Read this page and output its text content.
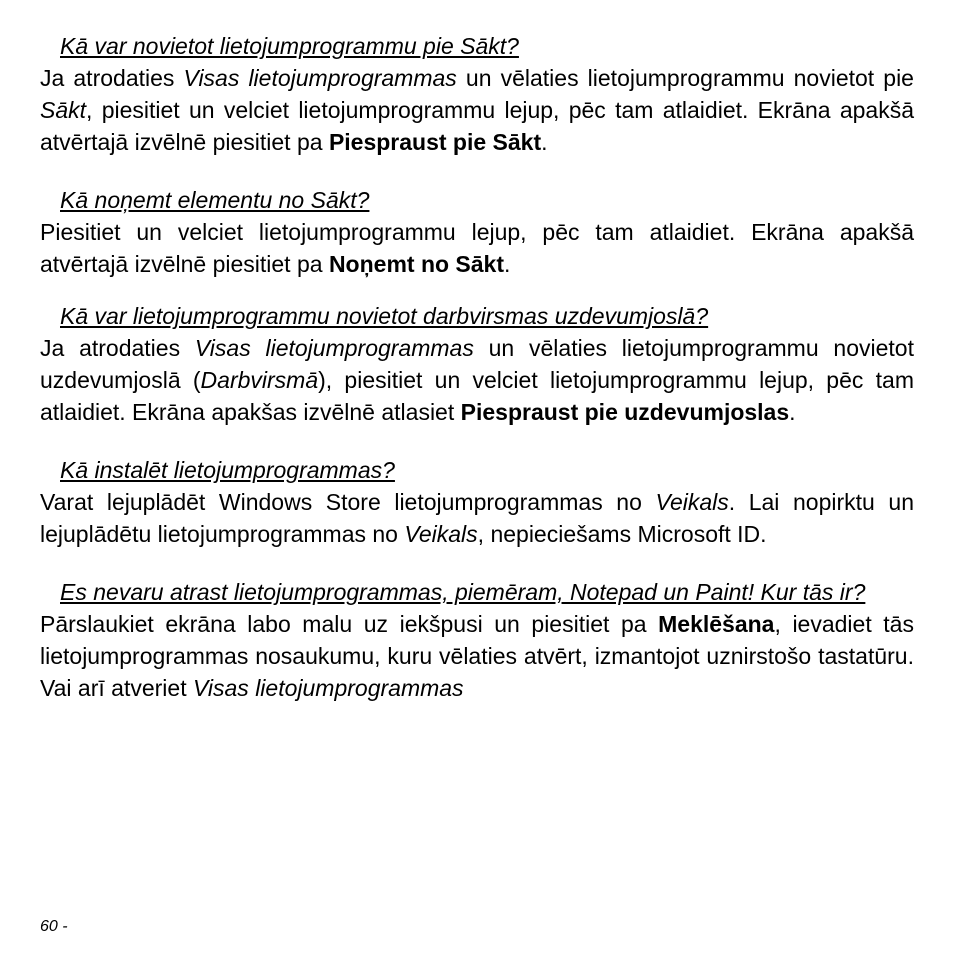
Kā var novietot lietojumprogrammu pie Sākt?

Ja atrodaties Visas lietojumprogrammas un vēlaties lietojumprogrammu novietot pie Sākt, piesitiet un velciet lietojumprogrammu lejup, pēc tam atlaidiet. Ekrāna apakšā atvērtajā izvēlnē piesitiet pa Piespraust pie Sākt.

Kā noņemt elementu no Sākt?

Piesitiet un velciet lietojumprogrammu lejup, pēc tam atlaidiet. Ekrāna apakšā atvērtajā izvēlnē piesitiet pa Noņemt no Sākt.

Kā var lietojumprogrammu novietot darbvirsmas uzdevumjoslā?

Ja atrodaties Visas lietojumprogrammas un vēlaties lietojumprogrammu novietot uzdevumjoslā (Darbvirsmā), piesitiet un velciet lietojumprogrammu lejup, pēc tam atlaidiet. Ekrāna apakšas izvēlnē atlasiet Piespraust pie uzdevumjoslas.

Kā instalēt lietojumprogrammas?

Varat lejuplādēt Windows Store lietojumprogrammas no Veikals. Lai nopirktu un lejuplādētu lietojumprogrammas no Veikals, nepieciešams Microsoft ID.

Es nevaru atrast lietojumprogrammas, piemēram, Notepad un Paint! Kur tās ir?

Pārslaukiet ekrāna labo malu uz iekšpusi un piesitiet pa Meklēšana, ievadiet tās lietojumprogrammas nosaukumu, kuru vēlaties atvērt, izmantojot uznirstošo tastatūru. Vai arī atveriet Visas lietojumprogrammas

60 -
